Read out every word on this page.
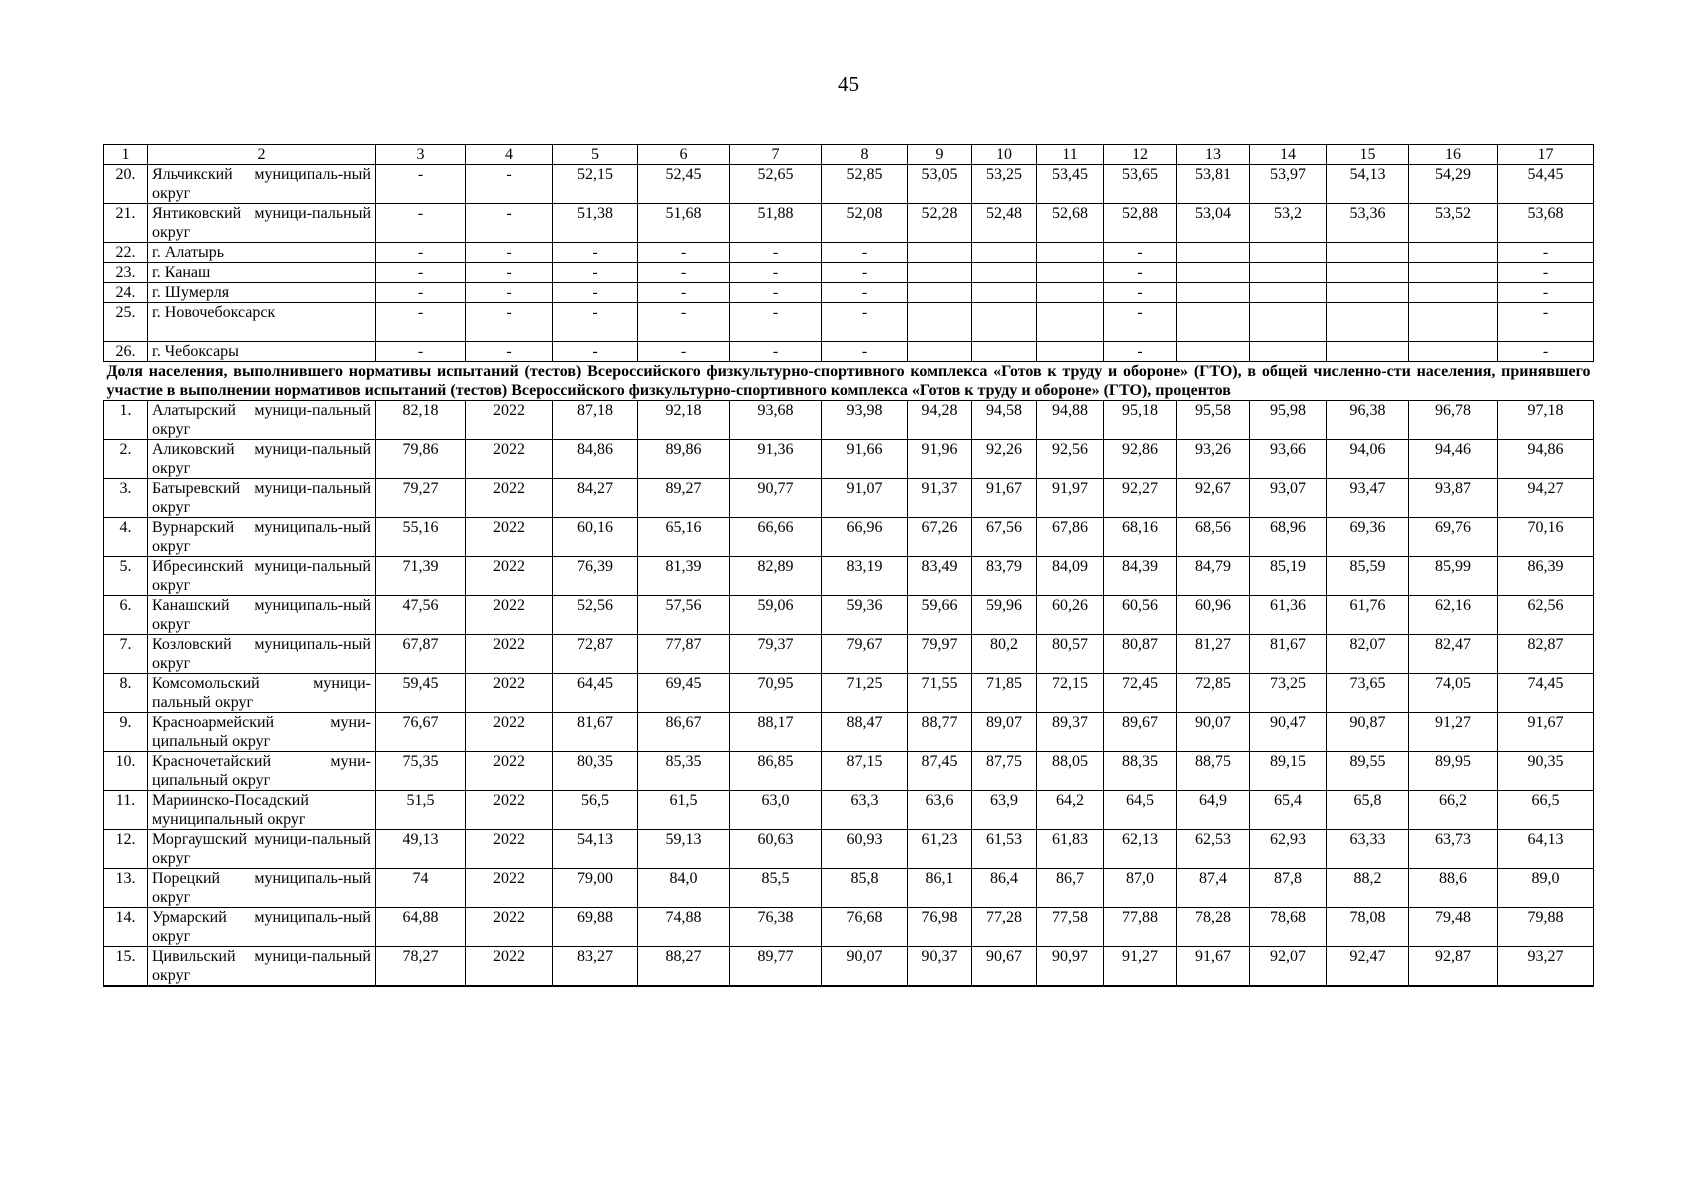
45
1	2	3	4	5	6	7	8	9	10	11	12	13	14	15	16	17
20.	Яльчикский муниципаль-ный округ	-	-	52,15	52,45	52,65	52,85	53,05	53,25	53,45	53,65	53,81	53,97	54,13	54,29	54,45
21.	Янтиковский муници-пальный округ	-	-	51,38	51,68	51,88	52,08	52,28	52,48	52,68	52,88	53,04	53,2	53,36	53,52	53,68
22.	г. Алатырь	-	-	-	-	-	-				-					-
23.	г. Канаш	-	-	-	-	-	-				-					-
24.	г. Шумерля	-	-	-	-	-	-				-					-
25.	г. Новочебоксарск	-	-	-	-	-	-				-					-
26.	г. Чебоксары	-	-	-	-	-	-				-					-
Доля населения, выполнившего нормативы испытаний (тестов) Всероссийского физкультурно-спортивного комплекса «Готов к труду и обороне» (ГТО), в общей численно-сти населения, принявшего участие в выполнении нормативов испытаний (тестов) Всероссийского физкультурно-спортивного комплекса «Готов к труду и обороне» (ГТО), процентов																
1.	Алатырский муници-пальный округ	82,18	2022	87,18	92,18	93,68	93,98	94,28	94,58	94,88	95,18	95,58	95,98	96,38	96,78	97,18
2.	Аликовский муници-пальный округ	79,86	2022	84,86	89,86	91,36	91,66	91,96	92,26	92,56	92,86	93,26	93,66	94,06	94,46	94,86
3.	Батыревский муници-пальный округ	79,27	2022	84,27	89,27	90,77	91,07	91,37	91,67	91,97	92,27	92,67	93,07	93,47	93,87	94,27
4.	Вурнарский муниципаль-ный округ	55,16	2022	60,16	65,16	66,66	66,96	67,26	67,56	67,86	68,16	68,56	68,96	69,36	69,76	70,16
5.	Ибресинский муници-пальный округ	71,39	2022	76,39	81,39	82,89	83,19	83,49	83,79	84,09	84,39	84,79	85,19	85,59	85,99	86,39
6.	Канашский муниципаль-ный округ	47,56	2022	52,56	57,56	59,06	59,36	59,66	59,96	60,26	60,56	60,96	61,36	61,76	62,16	62,56
7.	Козловский муниципаль-ный округ	67,87	2022	72,87	77,87	79,37	79,67	79,97	80,2	80,57	80,87	81,27	81,67	82,07	82,47	82,87
8.	Комсомольский муници-пальный округ	59,45	2022	64,45	69,45	70,95	71,25	71,55	71,85	72,15	72,45	72,85	73,25	73,65	74,05	74,45
9.	Красноармейский муни-ципальный округ	76,67	2022	81,67	86,67	88,17	88,47	88,77	89,07	89,37	89,67	90,07	90,47	90,87	91,27	91,67
10.	Красночетайский муни-ципальный округ	75,35	2022	80,35	85,35	86,85	87,15	87,45	87,75	88,05	88,35	88,75	89,15	89,55	89,95	90,35
11.	Мариинско-Посадский муниципальный округ	51,5	2022	56,5	61,5	63,0	63,3	63,6	63,9	64,2	64,5	64,9	65,4	65,8	66,2	66,5
12.	Моргаушский муници-пальный округ	49,13	2022	54,13	59,13	60,63	60,93	61,23	61,53	61,83	62,13	62,53	62,93	63,33	63,73	64,13
13.	Порецкий муниципаль-ный округ	74	2022	79,00	84,0	85,5	85,8	86,1	86,4	86,7	87,0	87,4	87,8	88,2	88,6	89,0
14.	Урмарский муниципаль-ный округ	64,88	2022	69,88	74,88	76,38	76,68	76,98	77,28	77,58	77,88	78,28	78,68	78,08	79,48	79,88
15.	Цивильский муници-пальный округ	78,27	2022	83,27	88,27	89,77	90,07	90,37	90,67	90,97	91,27	91,67	92,07	92,47	92,87	93,27
